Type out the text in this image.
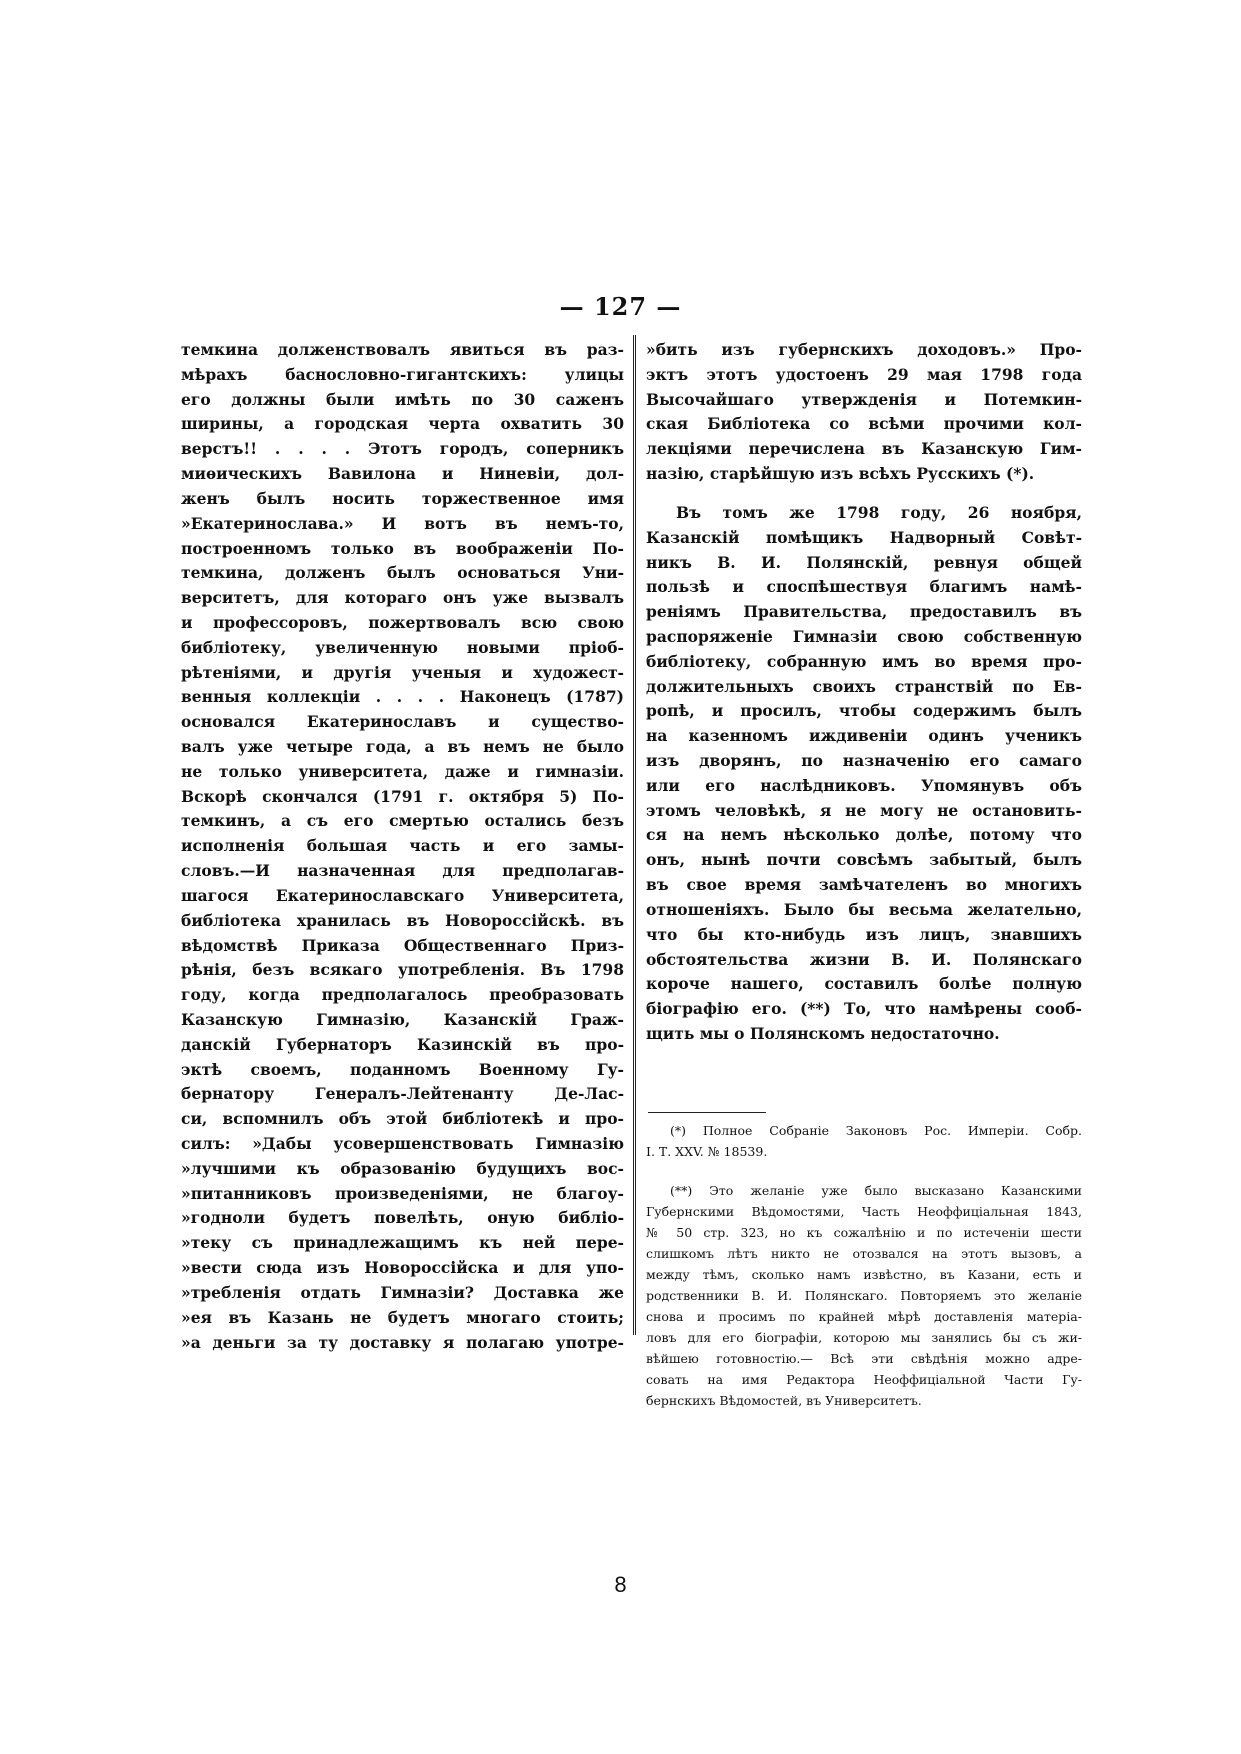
— 127 —
темкина долженствовалъ явиться въ раз-
мѣрахъ баснословно-гигантскихъ: улицы
его должны были имѣть по 30 саженъ
ширины, а городская черта охватить 30
верстъ!! . . . . Этотъ городъ, соперникъ
миѳическихъ Вавилона и Ниневіи, дол-
женъ былъ носить торжественное имя
»Екатеринослава.» И вотъ въ немъ-то,
построенномъ только въ воображеніи По-
темкина, долженъ былъ основаться Уни-
верситетъ, для котораго онъ уже вызвалъ
и профессоровъ, пожертвовалъ всю свою
библіотеку, увеличенную новыми пріоб-
рѣтеніями, и другія ученыя и художест-
венныя коллекціи . . . . Наконецъ (1787)
основался Екатеринославъ и существо-
валъ уже четыре года, а въ немъ не было
не только университета, даже и гимназіи.
Вскорѣ скончался (1791 г. октября 5) По-
темкинъ, а съ его смертью остались безъ
исполненія большая часть и его замы-
словъ.—И назначенная для предполагав-
шагося Екатеринославскаго Университета,
библіотека хранилась въ Новороссійскѣ. въ
вѣдомствѣ Приказа Общественнаго Приз-
рѣнія, безъ всякаго употребленія. Въ 1798
году, когда предполагалось преобразовать
Казанскую Гимназію, Казанскій Граж-
данскій Губернаторъ Казинскій въ про-
эктѣ своемъ, поданномъ Военному Гу-
бернатору Генералъ-Лейтенанту Де-Лас-
си, вспомнилъ объ этой библіотекѣ и про-
силъ: »Дабы усовершенствовать Гимназію
»лучшими къ образованію будущихъ вос-
»питанниковъ произведеніями, не благоу-
»годноли будетъ повелѣть, оную библіо-
»теку съ принадлежащимъ къ ней пере-
»вести сюда изъ Новороссійска и для упо-
»требленія отдать Гимназіи? Доставка же
»ея въ Казань не будетъ многаго стоить;
»а деньги за ту доставку я полагаю употре-
»бить изъ губернскихъ доходовъ.» Про-
эктъ этотъ удостоенъ 29 мая 1798 года
Высочайшаго утвержденія и Потемкин-
ская Библіотека со всѣми прочими кол-
лекціями перечислена въ Казанскую Гим-
назію, старѣйшую изъ всѣхъ Русскихъ (*).
Въ томъ же 1798 году, 26 ноября,
Казанскій помѣщикъ Надворный Совѣт-
никъ В. И. Полянскій, ревнуя общей
пользѣ и споспѣшествуя благимъ намѣ-
реніямъ Правительства, предоставилъ въ
распоряженіе Гимназіи свою собственную
библіотеку, собранную имъ во время про-
должительныхъ своихъ странствій по Ев-
ропѣ, и просилъ, чтобы содержимъ былъ
на казенномъ иждивеніи одинъ ученикъ
изъ дворянъ, по назначенію его самаго
или его наслѣдниковъ. Упомянувъ объ
этомъ человѣкѣ, я не могу не остановить-
ся на немъ нѣсколько долѣе, потому что
онъ, нынѣ почти совсѣмъ забытый, былъ
въ свое время замѣчателенъ во многихъ
отношеніяхъ. Было бы весьма желательно,
что бы кто-нибудь изъ лицъ, знавшихъ
обстоятельства жизни В. И. Полянскаго
короче нашего, составилъ болѣе полную
біографію его. (**) То, что намѣрены сооб-
щить мы о Полянскомъ недостаточно.
(*) Полное Собраніе Законовъ Рос. Имперіи. Собр.
I. Т. XXV. № 18539.
(**) Это желаніе уже было высказано Казанскими
Губернскими Вѣдомостями, Часть Неоффиціальная 1843,
№ 50 стр. 323, но къ сожалѣнію и по истеченіи шести
слишкомъ лѣтъ никто не отозвался на этотъ вызовъ, а
между тѣмъ, сколько намъ извѣстно, въ Казани, есть и
родственники В. И. Полянскаго. Повторяемъ это желаніе
снова и просимъ по крайней мѣрѣ доставленія матеріа-
ловъ для его біографіи, которою мы занялись бы съ жи-
вѣйшею готовностію.— Всѣ эти свѣдѣнія можно адре-
совать на имя Редактора Неоффиціальной Части Гу-
бернскихъ Вѣдомостей, въ Университетъ.
8
